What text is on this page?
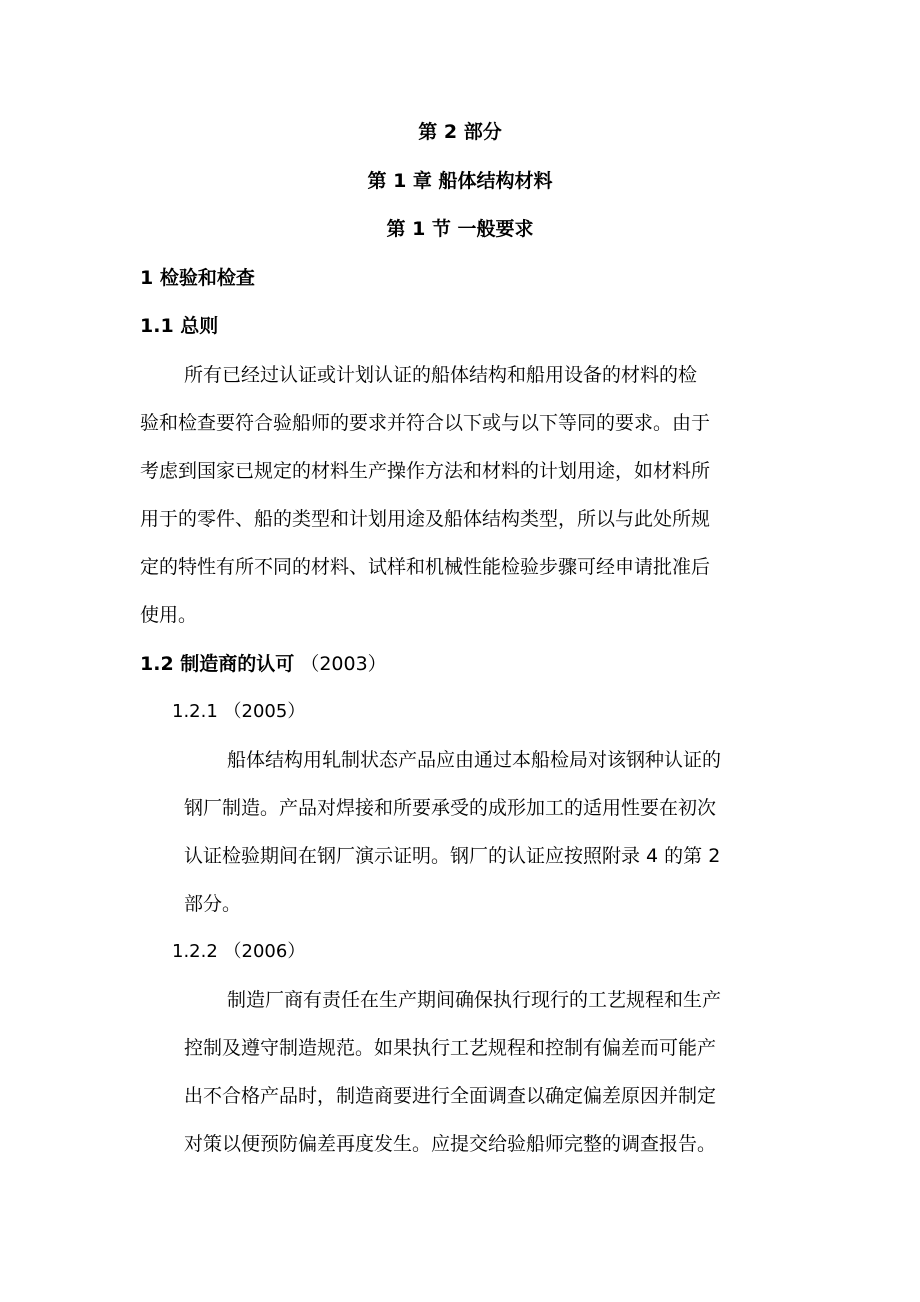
第 2 部分
第 1 章 船体结构材料
第 1 节 一般要求
1 检验和检查
1.1 总则
所有已经过认证或计划认证的船体结构和船用设备的材料的检
验和检查要符合验船师的要求并符合以下或与以下等同的要求。由于
考虑到国家已规定的材料生产操作方法和材料的计划用途，如材料所
用于的零件、船的类型和计划用途及船体结构类型，所以与此处所规
定的特性有所不同的材料、试样和机械性能检验步骤可经申请批准后
使用。
1.2 制造商的认可 （2003）
1.2.1 （2005）
船体结构用轧制状态产品应由通过本船检局对该钢种认证的
钢厂制造。产品对焊接和所要承受的成形加工的适用性要在初次
认证检验期间在钢厂演示证明。钢厂的认证应按照附录 4 的第 2
部分。
1.2.2 （2006）
制造厂商有责任在生产期间确保执行现行的工艺规程和生产
控制及遵守制造规范。如果执行工艺规程和控制有偏差而可能产
出不合格产品时，制造商要进行全面调查以确定偏差原因并制定
对策以便预防偏差再度发生。应提交给验船师完整的调查报告。
